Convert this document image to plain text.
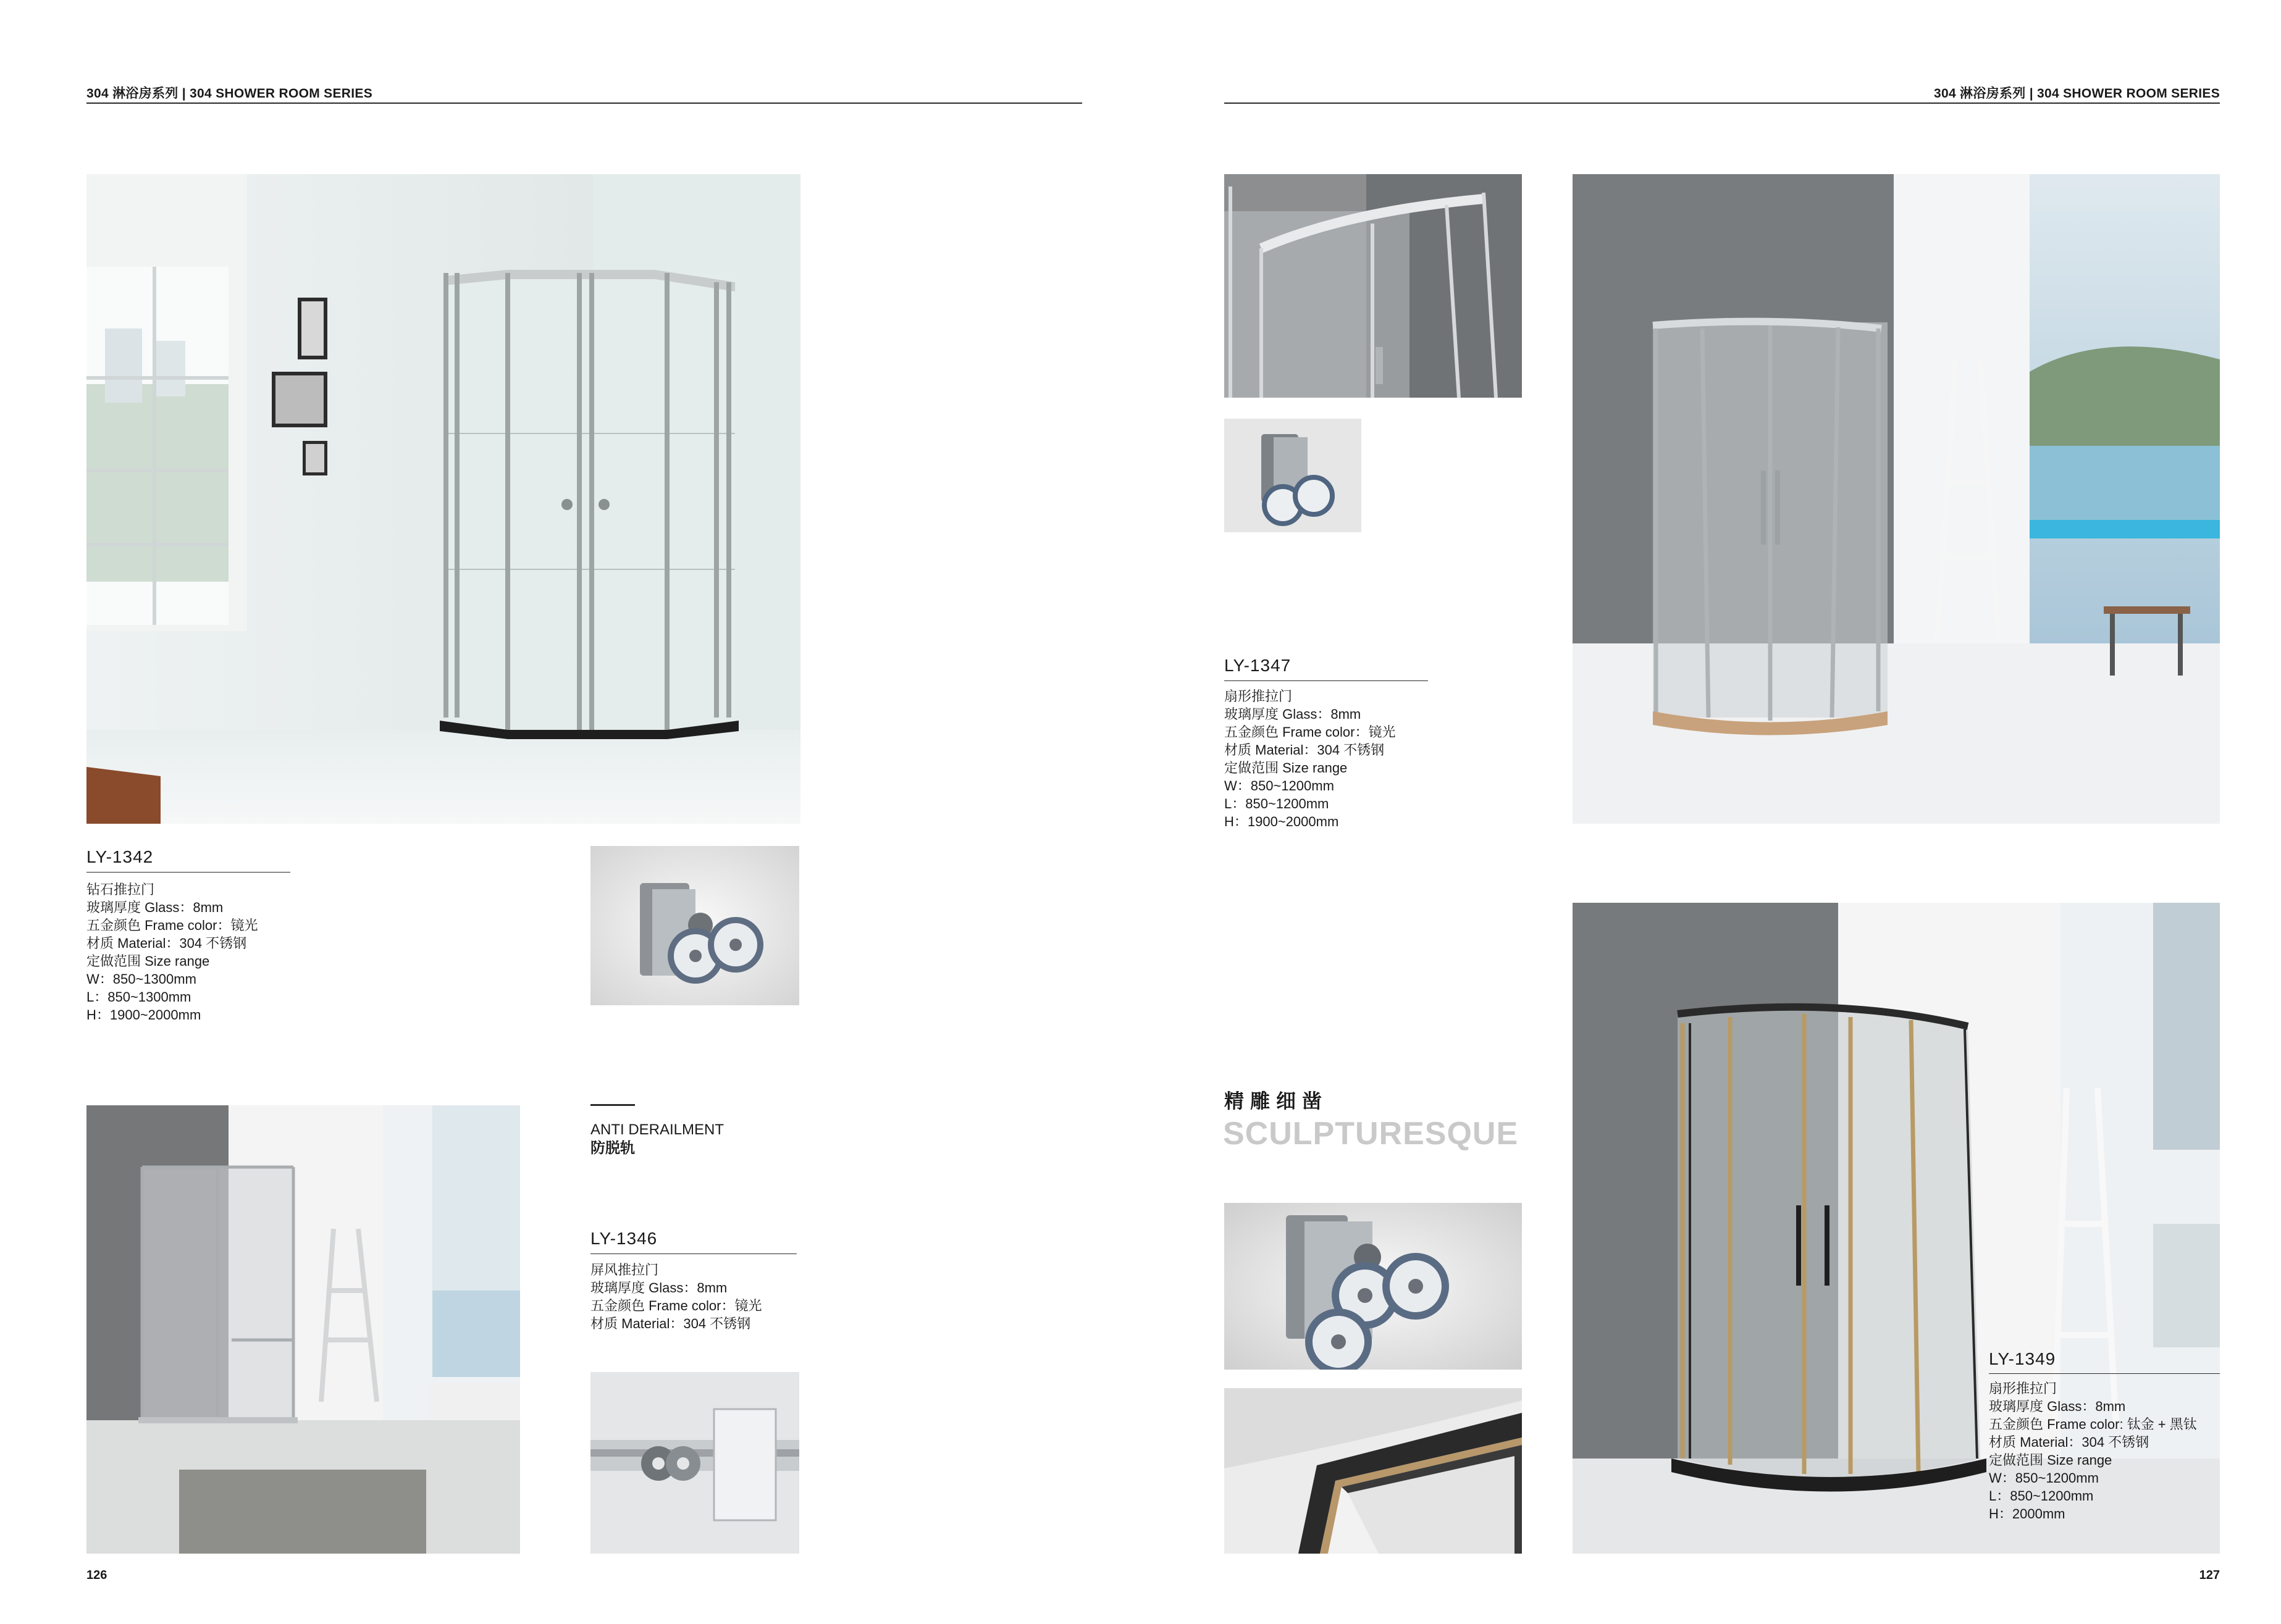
304 淋浴房系列 | 304 SHOWER ROOM SERIES
LY-1342
钻石推拉门
玻璃厚度 Glass：8mm
五金颜色 Frame color：镜光
材质 Material：304 不锈钢
定做范围 Size range
W：850~1300mm
L：850~1300mm
H：1900~2000mm
ANTI DERAILMENT
防脱轨
LY-1346
屏风推拉门
玻璃厚度 Glass：8mm
五金颜色 Frame color：镜光
材质 Material：304 不锈钢
126
304 淋浴房系列 | 304 SHOWER ROOM SERIES
LY-1347
扇形推拉门
玻璃厚度 Glass：8mm
五金颜色 Frame color：镜光
材质 Material：304 不锈钢
定做范围 Size range
W：850~1200mm
L：850~1200mm
H：1900~2000mm
精雕细凿
SCULPTURESQUE
LY-1349
扇形推拉门
玻璃厚度 Glass：8mm
五金颜色 Frame color: 钛金 + 黑钛
材质 Material：304 不锈钢
定做范围 Size range
W：850~1200mm
L：850~1200mm
H：2000mm
127
